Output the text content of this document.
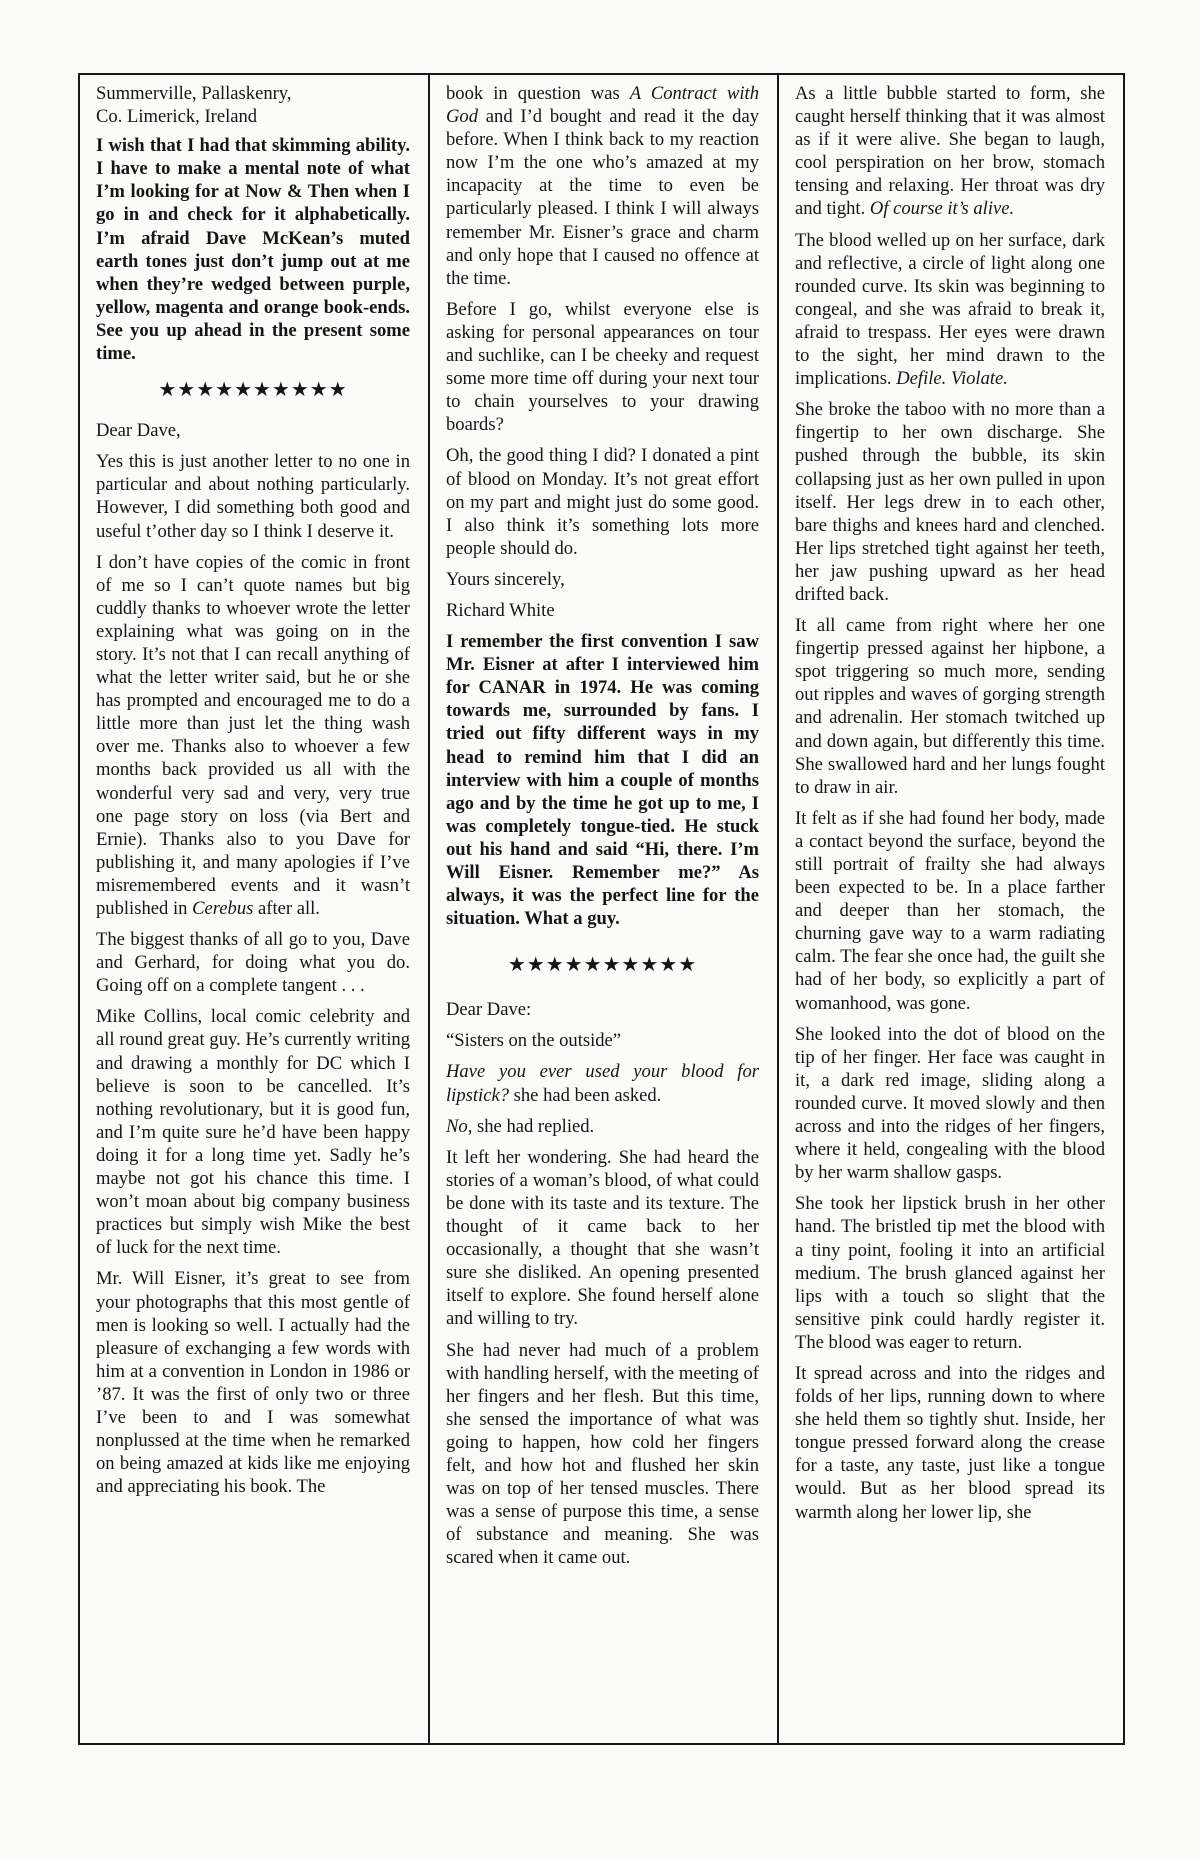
Summerville, Pallaskenry,

Co. Limerick, Ireland

I wish that I had that skimming ability. I have to make a mental note of what I’m looking for at Now & Then when I go in and check for it alphabetically. I’m afraid Dave McKean’s muted earth tones just don’t jump out at me when they’re wedged between purple, yellow, magenta and orange book-ends. See you up ahead in the present some time.

★★★★★★★★★★

Dear Dave,

Yes this is just another letter to no one in particular and about nothing particularly. However, I did something both good and useful t’other day so I think I deserve it.

I don’t have copies of the comic in front of me so I can’t quote names but big cuddly thanks to whoever wrote the letter explaining what was going on in the story. It’s not that I can recall anything of what the letter writer said, but he or she has prompted and encouraged me to do a little more than just let the thing wash over me. Thanks also to whoever a few months back provided us all with the wonderful very sad and very, very true one page story on loss (via Bert and Ernie). Thanks also to you Dave for publishing it, and many apologies if I’ve misremembered events and it wasn’t published in Cerebus after all.

The biggest thanks of all go to you, Dave and Gerhard, for doing what you do. Going off on a complete tangent . . .

Mike Collins, local comic celebrity and all round great guy. He’s currently writing and drawing a monthly for DC which I believe is soon to be cancelled. It’s nothing revolutionary, but it is good fun, and I’m quite sure he’d have been happy doing it for a long time yet. Sadly he’s maybe not got his chance this time. I won’t moan about big company business practices but simply wish Mike the best of luck for the next time.

Mr. Will Eisner, it’s great to see from your photographs that this most gentle of men is looking so well. I actually had the pleasure of exchanging a few words with him at a convention in London in 1986 or ’87. It was the first of only two or three I’ve been to and I was somewhat nonplussed at the time when he remarked on being amazed at kids like me enjoying and appreciating his book. The

book in question was A Contract with God and I’d bought and read it the day before. When I think back to my reaction now I’m the one who’s amazed at my incapacity at the time to even be particularly pleased. I think I will always remember Mr. Eisner’s grace and charm and only hope that I caused no offence at the time.

Before I go, whilst everyone else is asking for personal appearances on tour and suchlike, can I be cheeky and request some more time off during your next tour to chain yourselves to your drawing boards?

Oh, the good thing I did? I donated a pint of blood on Monday. It’s not great effort on my part and might just do some good. I also think it’s something lots more people should do.

Yours sincerely,

Richard White

I remember the first convention I saw Mr. Eisner at after I interviewed him for CANAR in 1974. He was coming towards me, surrounded by fans. I tried out fifty different ways in my head to remind him that I did an interview with him a couple of months ago and by the time he got up to me, I was completely tongue-tied. He stuck out his hand and said “Hi, there. I’m Will Eisner. Remember me?” As always, it was the perfect line for the situation. What a guy.

★★★★★★★★★★

Dear Dave:

“Sisters on the outside”

Have you ever used your blood for lipstick? she had been asked.

No, she had replied.

It left her wondering. She had heard the stories of a woman’s blood, of what could be done with its taste and its texture. The thought of it came back to her occasionally, a thought that she wasn’t sure she disliked. An opening presented itself to explore. She found herself alone and willing to try.

She had never had much of a problem with handling herself, with the meeting of her fingers and her flesh. But this time, she sensed the importance of what was going to happen, how cold her fingers felt, and how hot and flushed her skin was on top of her tensed muscles. There was a sense of purpose this time, a sense of substance and meaning. She was scared when it came out.

As a little bubble started to form, she caught herself thinking that it was almost as if it were alive. She began to laugh, cool perspiration on her brow, stomach tensing and relaxing. Her throat was dry and tight. Of course it’s alive.

The blood welled up on her surface, dark and reflective, a circle of light along one rounded curve. Its skin was beginning to congeal, and she was afraid to break it, afraid to trespass. Her eyes were drawn to the sight, her mind drawn to the implications. Defile. Violate.

She broke the taboo with no more than a fingertip to her own discharge. She pushed through the bubble, its skin collapsing just as her own pulled in upon itself. Her legs drew in to each other, bare thighs and knees hard and clenched. Her lips stretched tight against her teeth, her jaw pushing upward as her head drifted back.

It all came from right where her one fingertip pressed against her hipbone, a spot triggering so much more, sending out ripples and waves of gorging strength and adrenalin. Her stomach twitched up and down again, but differently this time. She swallowed hard and her lungs fought to draw in air.

It felt as if she had found her body, made a contact beyond the surface, beyond the still portrait of frailty she had always been expected to be. In a place farther and deeper than her stomach, the churning gave way to a warm radiating calm. The fear she once had, the guilt she had of her body, so explicitly a part of womanhood, was gone.

She looked into the dot of blood on the tip of her finger. Her face was caught in it, a dark red image, sliding along a rounded curve. It moved slowly and then across and into the ridges of her fingers, where it held, congealing with the blood by her warm shallow gasps.

She took her lipstick brush in her other hand. The bristled tip met the blood with a tiny point, fooling it into an artificial medium. The brush glanced against her lips with a touch so slight that the sensitive pink could hardly register it. The blood was eager to return.

It spread across and into the ridges and folds of her lips, running down to where she held them so tightly shut. Inside, her tongue pressed forward along the crease for a taste, any taste, just like a tongue would. But as her blood spread its warmth along her lower lip, she
